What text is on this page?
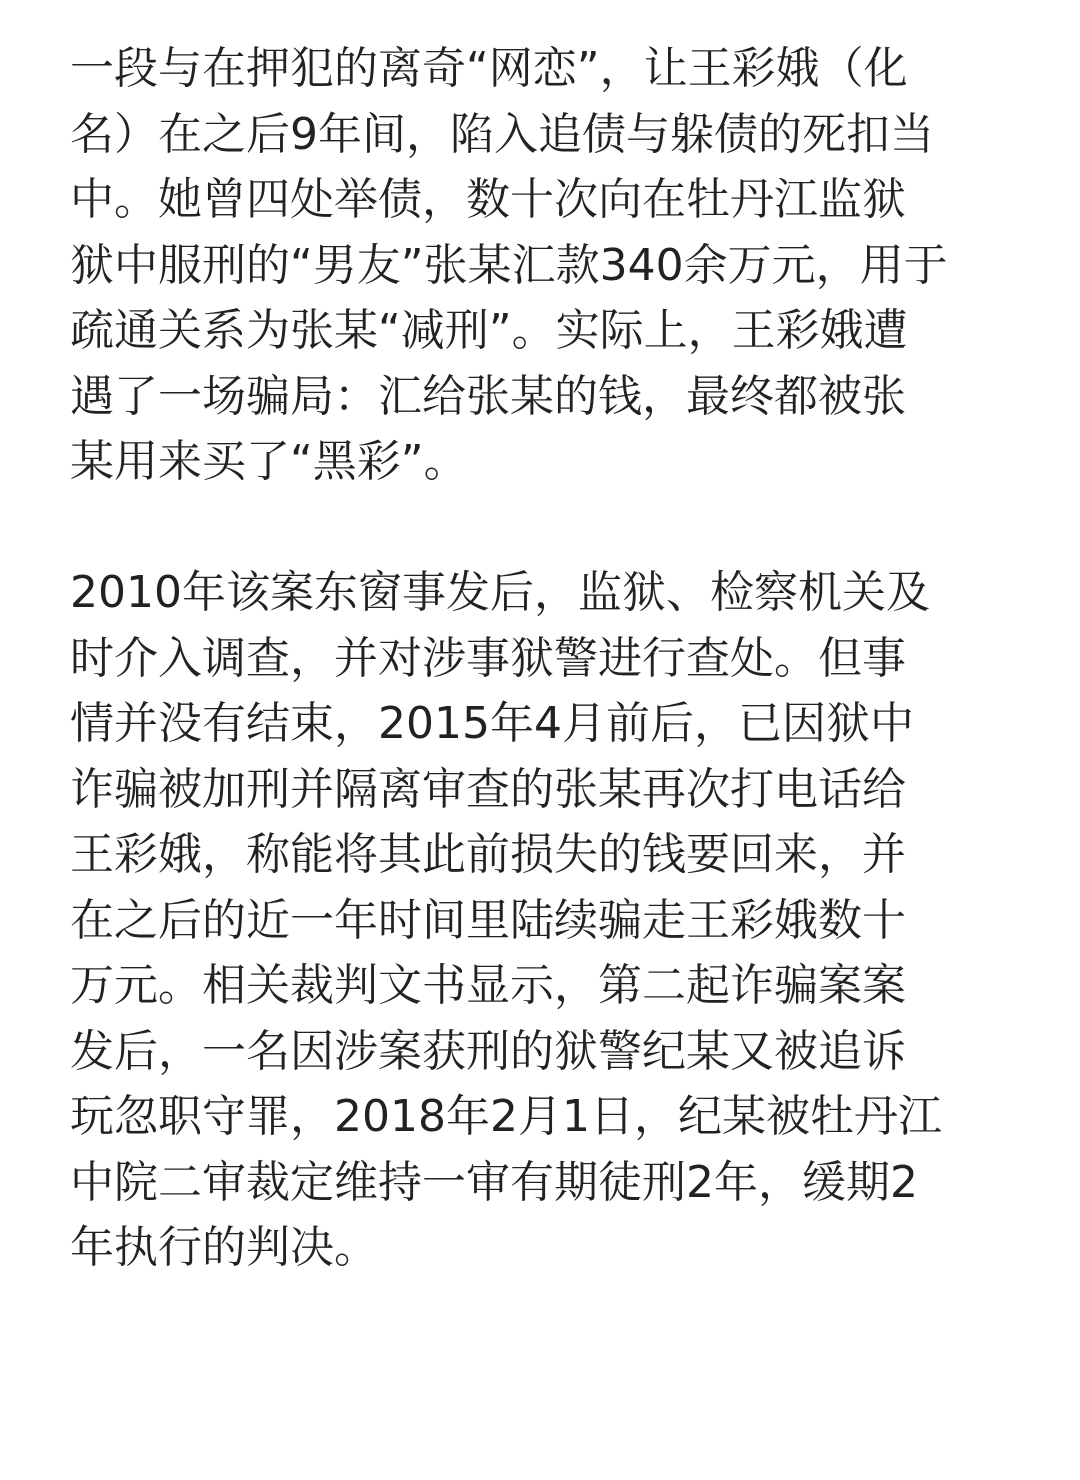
一段与在押犯的离奇“网恋”，让王彩娥（化
名）在之后9年间，陷入追债与躲债的死扣当
中。她曾四处举债，数十次向在牡丹江监狱
狱中服刑的“男友”张某汇款340余万元，用于
疏通关系为张某“减刑”。实际上，王彩娥遭
遇了一场骗局：汇给张某的钱，最终都被张
某用来买了“黑彩”。
2010年该案东窗事发后，监狱、检察机关及
时介入调查，并对涉事狱警进行查处。但事
情并没有结束，2015年4月前后，已因狱中
诈骗被加刑并隔离审查的张某再次打电话给
王彩娥，称能将其此前损失的钱要回来，并
在之后的近一年时间里陆续骗走王彩娥数十
万元。相关裁判文书显示，第二起诈骗案案
发后，一名因涉案获刑的狱警纪某又被追诉
玩忽职守罪，2018年2月1日，纪某被牡丹江
中院二审裁定维持一审有期徒刑2年，缓期2
年执行的判决。
